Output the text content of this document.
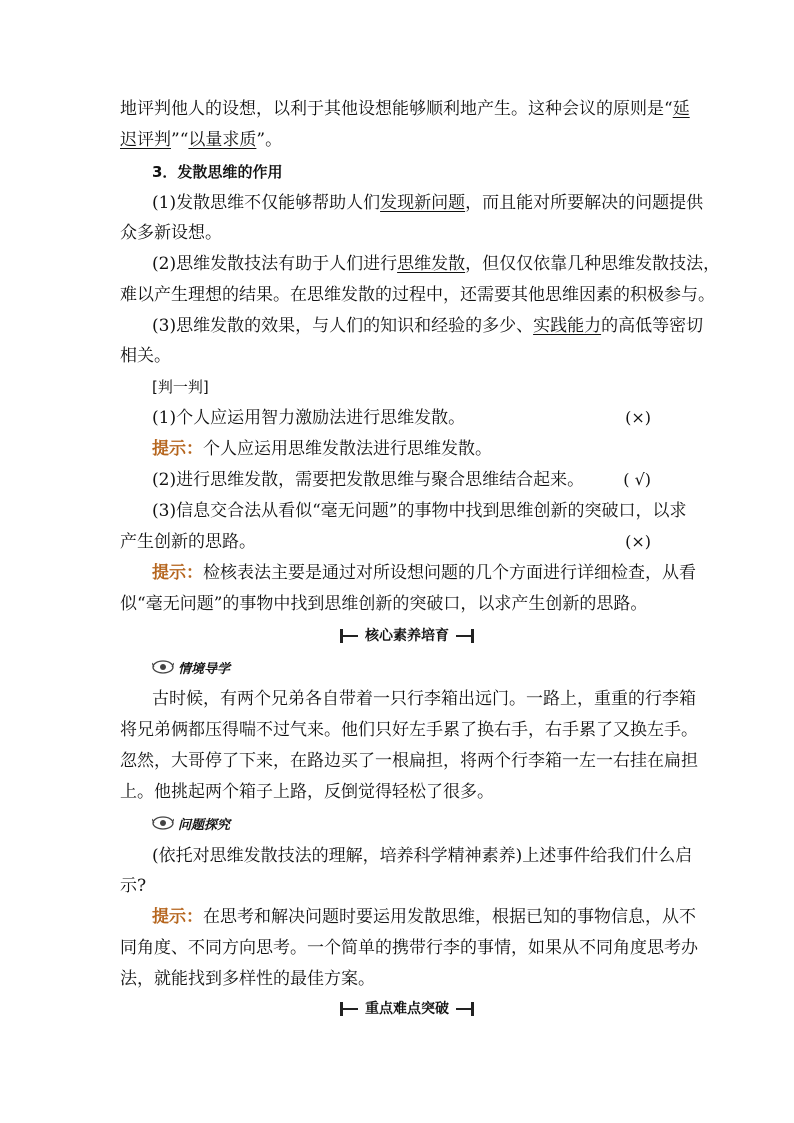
地评判他人的设想，以利于其他设想能够顺利地产生。这种会议的原则是“延
迟评判”“以量求质”。
3．发散思维的作用
(1)发散思维不仅能够帮助人们发现新问题，而且能对所要解决的问题提供
众多新设想。
(2)思维发散技法有助于人们进行思维发散，但仅仅依靠几种思维发散技法，
难以产生理想的结果。在思维发散的过程中，还需要其他思维因素的积极参与。
(3)思维发散的效果，与人们的知识和经验的多少、实践能力的高低等密切
相关。
[判一判]
(1)个人应运用智力激励法进行思维发散。	(×)
提示：个人应运用思维发散法进行思维发散。
(2)进行思维发散，需要把发散思维与聚合思维结合起来。 ( √)
(3)信息交合法从看似“毫无问题”的事物中找到思维创新的突破口，以求
产生创新的思路。	(×)
提示：检核表法主要是通过对所设想问题的几个方面进行详细检查，从看
似“毫无问题”的事物中找到思维创新的突破口，以求产生创新的思路。
核心素养培育
情境导学
古时候，有两个兄弟各自带着一只行李箱出远门。一路上，重重的行李箱
将兄弟俩都压得喘不过气来。他们只好左手累了换右手，右手累了又换左手。
忽然，大哥停了下来，在路边买了一根扁担，将两个行李箱一左一右挂在扁担
上。他挑起两个箱子上路，反倒觉得轻松了很多。
问题探究
(依托对思维发散技法的理解，培养科学精神素养)上述事件给我们什么启
示?
提示：在思考和解决问题时要运用发散思维，根据已知的事物信息，从不
同角度、不同方向思考。一个简单的携带行李的事情，如果从不同角度思考办
法，就能找到多样性的最佳方案。
重点难点突破
